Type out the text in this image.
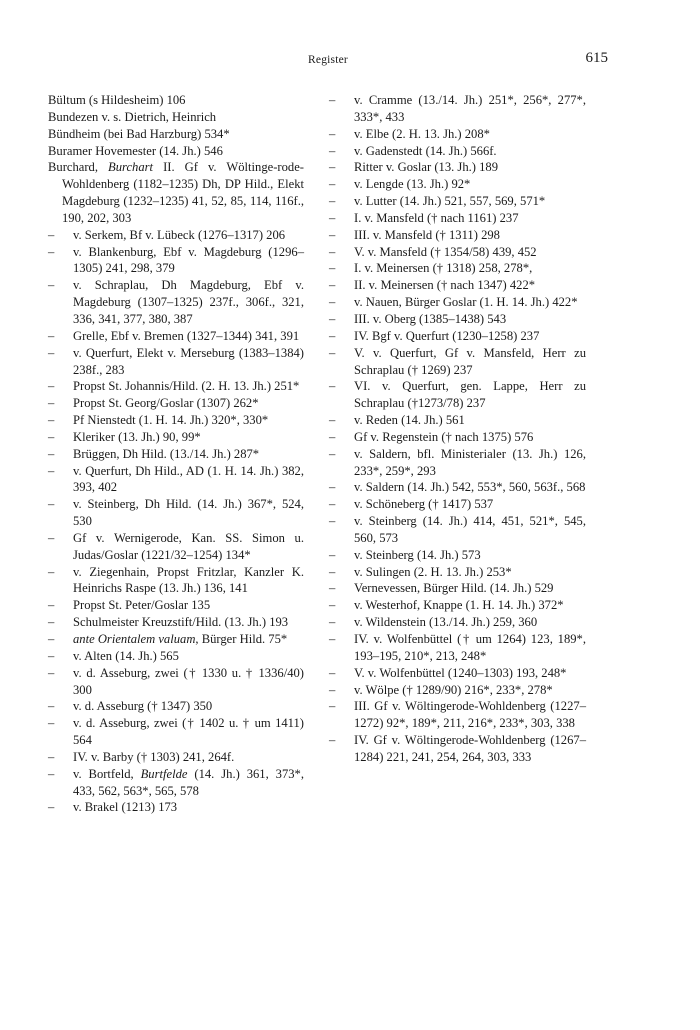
Register	615
Bültum (s Hildesheim) 106
Bundezen v. s. Dietrich, Heinrich
Bündheim (bei Bad Harzburg) 534*
Buramer Hovemester (14. Jh.) 546
Burchard, Burchart II. Gf v. Wöltinge-rode-Wohldenberg (1182–1235) Dh, DP Hild., Elekt Magdeburg (1232–1235) 41, 52, 85, 114, 116f., 190, 202, 303
– v. Serkem, Bf v. Lübeck (1276–1317) 206
– v. Blankenburg, Ebf v. Magdeburg (1296–1305) 241, 298, 379
– v. Schraplau, Dh Magdeburg, Ebf v. Magdeburg (1307–1325) 237f., 306f., 321, 336, 341, 377, 380, 387
– Grelle, Ebf v. Bremen (1327–1344) 341, 391
– v. Querfurt, Elekt v. Merseburg (1383–1384) 238f., 283
– Propst St. Johannis/Hild. (2. H. 13. Jh.) 251*
– Propst St. Georg/Goslar (1307) 262*
– Pf Nienstedt (1. H. 14. Jh.) 320*, 330*
– Kleriker (13. Jh.) 90, 99*
– Brüggen, Dh Hild. (13./14. Jh.) 287*
– v. Querfurt, Dh Hild., AD (1. H. 14. Jh.) 382, 393, 402
– v. Steinberg, Dh Hild. (14. Jh.) 367*, 524, 530
– Gf v. Wernigerode, Kan. SS. Simon u. Judas/Goslar (1221/32–1254) 134*
– v. Ziegenhain, Propst Fritzlar, Kanzler K. Heinrichs Raspe (13. Jh.) 136, 141
– Propst St. Peter/Goslar 135
– Schulmeister Kreuzstift/Hild. (13. Jh.) 193
– ante Orientalem valuam, Bürger Hild. 75*
– v. Alten (14. Jh.) 565
– v. d. Asseburg, zwei († 1330 u. † 1336/40) 300
– v. d. Asseburg († 1347) 350
– v. d. Asseburg, zwei († 1402 u. † um 1411) 564
– IV. v. Barby († 1303) 241, 264f.
– v. Bortfeld, Burtfelde (14. Jh.) 361, 373*, 433, 562, 563*, 565, 578
– v. Brakel (1213) 173
– v. Cramme (13./14. Jh.) 251*, 256*, 277*, 333*, 433
– v. Elbe (2. H. 13. Jh.) 208*
– v. Gadenstedt (14. Jh.) 566f.
– Ritter v. Goslar (13. Jh.) 189
– v. Lengde (13. Jh.) 92*
– v. Lutter (14. Jh.) 521, 557, 569, 571*
– I. v. Mansfeld († nach 1161) 237
– III. v. Mansfeld († 1311) 298
– V. v. Mansfeld († 1354/58) 439, 452
– I. v. Meinersen († 1318) 258, 278*,
– II. v. Meinersen († nach 1347) 422*
– v. Nauen, Bürger Goslar (1. H. 14. Jh.) 422*
– III. v. Oberg (1385–1438) 543
– IV. Bgf v. Querfurt (1230–1258) 237
– V. v. Querfurt, Gf v. Mansfeld, Herr zu Schraplau († 1269) 237
– VI. v. Querfurt, gen. Lappe, Herr zu Schraplau (†1273/78) 237
– v. Reden (14. Jh.) 561
– Gf v. Regenstein († nach 1375) 576
– v. Saldern, bfl. Ministerialer (13. Jh.) 126, 233*, 259*, 293
– v. Saldern (14. Jh.) 542, 553*, 560, 563f., 568
– v. Schöneberg († 1417) 537
– v. Steinberg (14. Jh.) 414, 451, 521*, 545, 560, 573
– v. Steinberg (14. Jh.) 573
– v. Sulingen (2. H. 13. Jh.) 253*
– Vernevessen, Bürger Hild. (14. Jh.) 529
– v. Westerhof, Knappe (1. H. 14. Jh.) 372*
– v. Wildenstein (13./14. Jh.) 259, 360
– IV. v. Wolfenbüttel († um 1264) 123, 189*, 193–195, 210*, 213, 248*
– V. v. Wolfenbüttel (1240–1303) 193, 248*
– v. Wölpe († 1289/90) 216*, 233*, 278*
– III. Gf v. Wöltingerode-Wohldenberg (1227–1272) 92*, 189*, 211, 216*, 233*, 303, 338
– IV. Gf v. Wöltingerode-Wohldenberg (1267–1284) 221, 241, 254, 264, 303, 333
